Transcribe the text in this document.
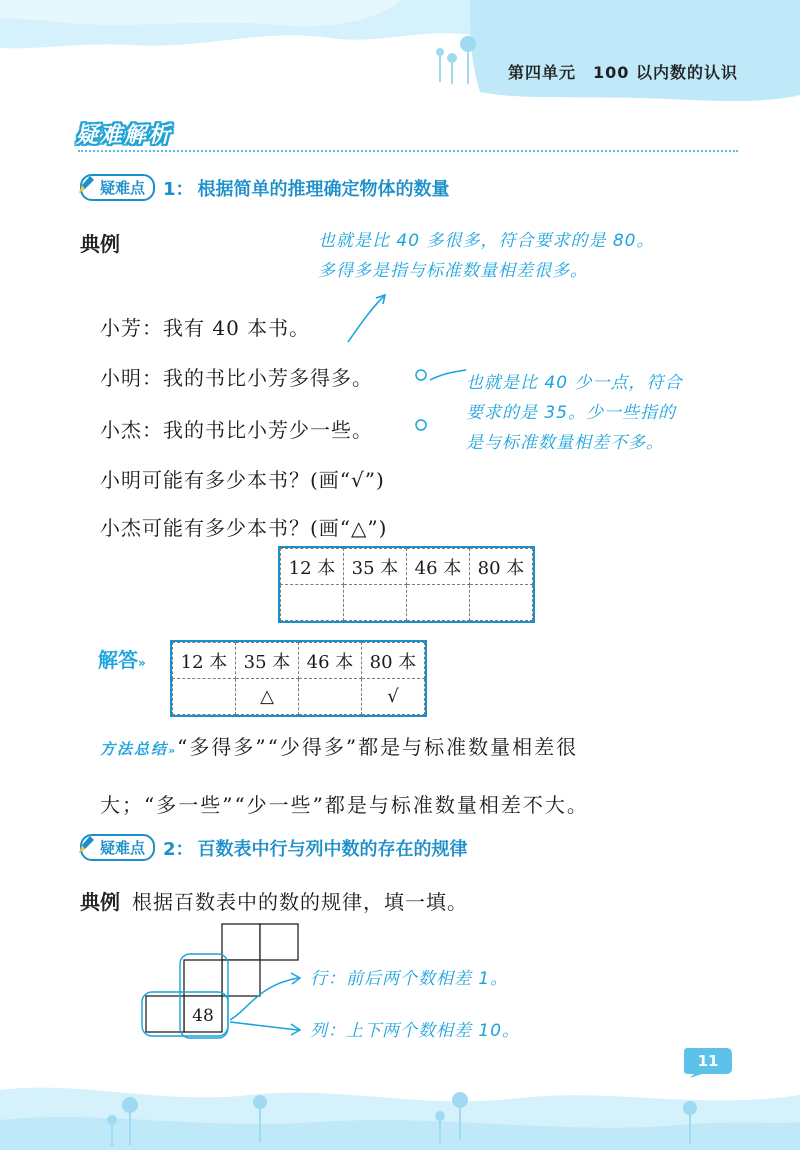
第四单元　100 以内数的认识
疑 难 解 析
疑难点	1： 根据简单的推理确定物体的数量
典例	也就是比 40 多很多，符合要求的是 80。
多得多是指与标准数量相差很多。
小芳：我有 40 本书。
小明：我的书比小芳多得多。
小杰：我的书比小芳少一些。
小明可能有多少本书？(画“√”)
小杰可能有多少本书？(画“△”)
也就是比 40 少一点，符合
要求的是 35。少一些指的
是与标准数量相差不多。
12 本	35 本	46 本	80 本

解答» 12 本	35 本	46 本	80 本
	△		√
方法总结»“多得多”“少得多”都是与标准数量相差很
大；“多一些”“少一些”都是与标准数量相差不大。
疑难点	2： 百数表中行与列中数的存在的规律
典例 根据百数表中的数的规律，填一填。
48
行：前后两个数相差 1。
列：上下两个数相差 10。
11
